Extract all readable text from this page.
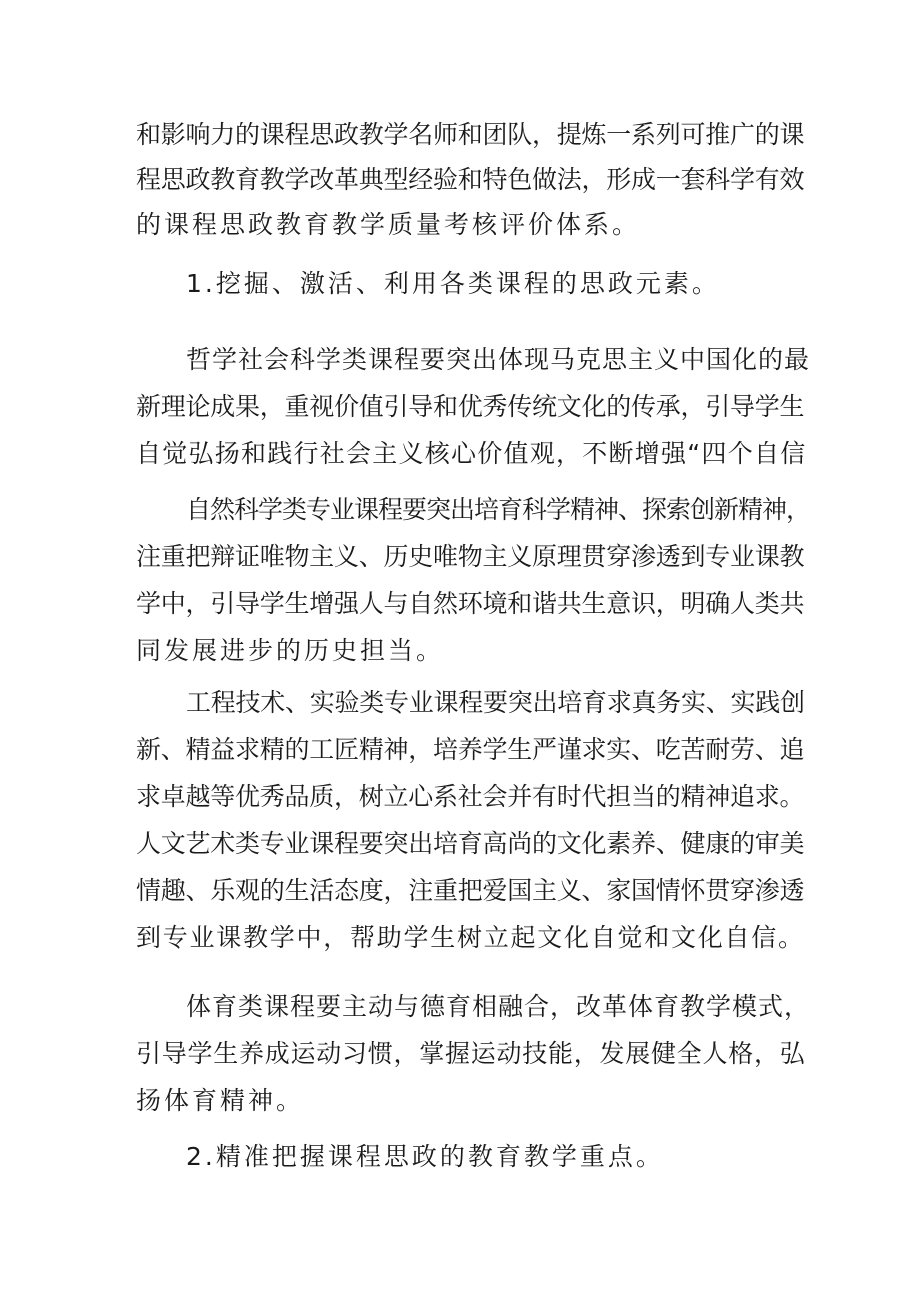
和影响力的课程思政教学名师和团队，提炼一系列可推广的课
程思政教育教学改革典型经验和特色做法，形成一套科学有效
的课程思政教育教学质量考核评价体系。
1.挖掘、激活、利用各类课程的思政元素。
哲学社会科学类课程要突出体现马克思主义中国化的最
新理论成果，重视价值引导和优秀传统文化的传承，引导学生
自觉弘扬和践行社会主义核心价值观，不断增强“四个自信
自然科学类专业课程要突出培育科学精神、探索创新精神，
注重把辩证唯物主义、历史唯物主义原理贯穿渗透到专业课教
学中，引导学生增强人与自然环境和谐共生意识，明确人类共
同发展进步的历史担当。
工程技术、实验类专业课程要突出培育求真务实、实践创
新、精益求精的工匠精神，培养学生严谨求实、吃苦耐劳、追
求卓越等优秀品质，树立心系社会并有时代担当的精神追求。
人文艺术类专业课程要突出培育高尚的文化素养、健康的审美
情趣、乐观的生活态度，注重把爱国主义、家国情怀贯穿渗透
到专业课教学中，帮助学生树立起文化自觉和文化自信。
体育类课程要主动与德育相融合，改革体育教学模式，
引导学生养成运动习惯，掌握运动技能，发展健全人格，弘
扬体育精神。
2.精准把握课程思政的教育教学重点。
